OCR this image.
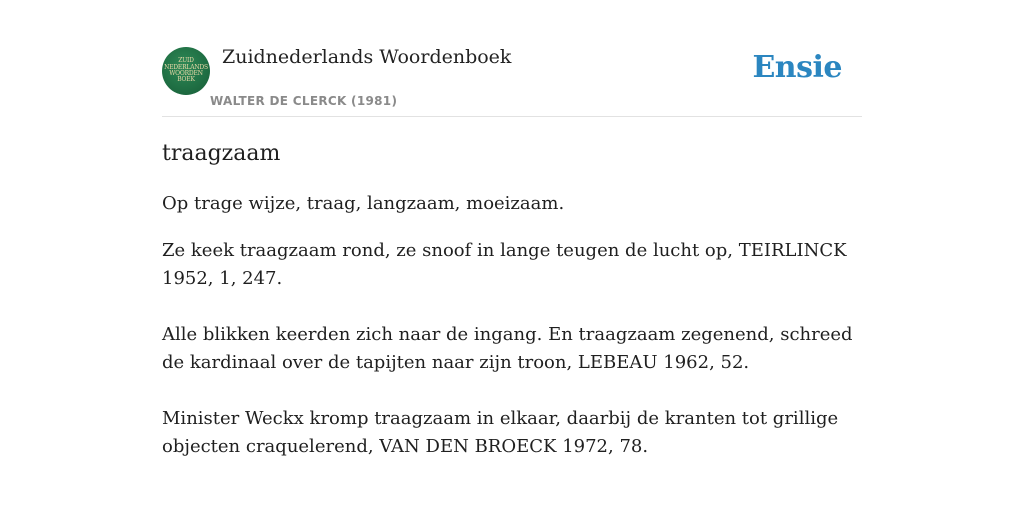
ZUID
NEDERLANDS
WOORDEN
BOEK
Zuidnederlands Woordenboek
WALTER DE CLERCK (1981)
Ensie
traagzaam

Op trage wijze, traag, langzaam, moeizaam.

Ze keek traagzaam rond, ze snoof in lange teugen de lucht op, TEIRLINCK 1952, 1, 247.

Alle blikken keerden zich naar de ingang. En traagzaam zegenend, schreed de kardinaal over de tapijten naar zijn troon, LEBEAU 1962, 52.

Minister Weckx kromp traagzaam in elkaar, daarbij de kranten tot grillige objecten craquelerend, VAN DEN BROECK 1972, 78.
